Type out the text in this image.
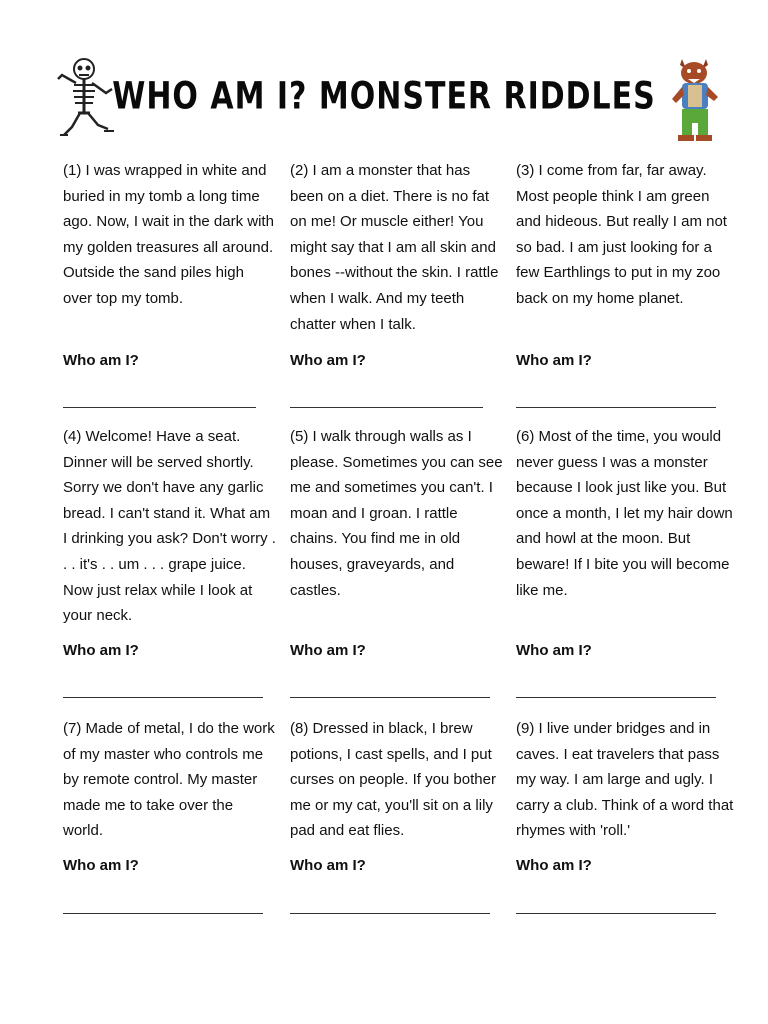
WHO AM I? MONSTER RIDDLES
(1) I was wrapped in white and buried in my tomb a long time ago. Now, I wait in the dark with my golden treasures all around. Outside the sand piles high over top my tomb.
Who am I?
(2) I am a monster that has been on a diet. There is no fat on me! Or muscle either! You might say that I am all skin and bones --without the skin. I rattle when I walk. And my teeth chatter when I talk.
Who am I?
(3) I come from far, far away. Most people think I am green and hideous. But really I am not so bad. I am just looking for a few Earthlings to put in my zoo back on my home planet.
Who am I?
(4) Welcome! Have a seat. Dinner will be served shortly. Sorry we don't have any garlic bread. I can't stand it. What am I drinking you ask? Don't worry . . . it's . . um . . . grape juice. Now just relax while I look at your neck.
Who am I?
(5) I walk through walls as I please. Sometimes you can see me and sometimes you can't. I moan and I groan. I rattle chains. You find me in old houses, graveyards, and castles.
Who am I?
(6) Most of the time, you would never guess I was a monster because I look just like you. But once a month, I let my hair down and howl at the moon. But beware! If I bite you will become like me.
Who am I?
(7) Made of metal, I do the work of my master who controls me by remote control. My master made me to take over the world.
Who am I?
(8) Dressed in black, I brew potions, I cast spells, and I put curses on people. If you bother me or my cat, you'll sit on a lily pad and eat flies.
Who am I?
(9) I live under bridges and in caves. I eat travelers that pass my way. I am large and ugly. I carry a club. Think of a word that rhymes with 'roll.'
Who am I?
